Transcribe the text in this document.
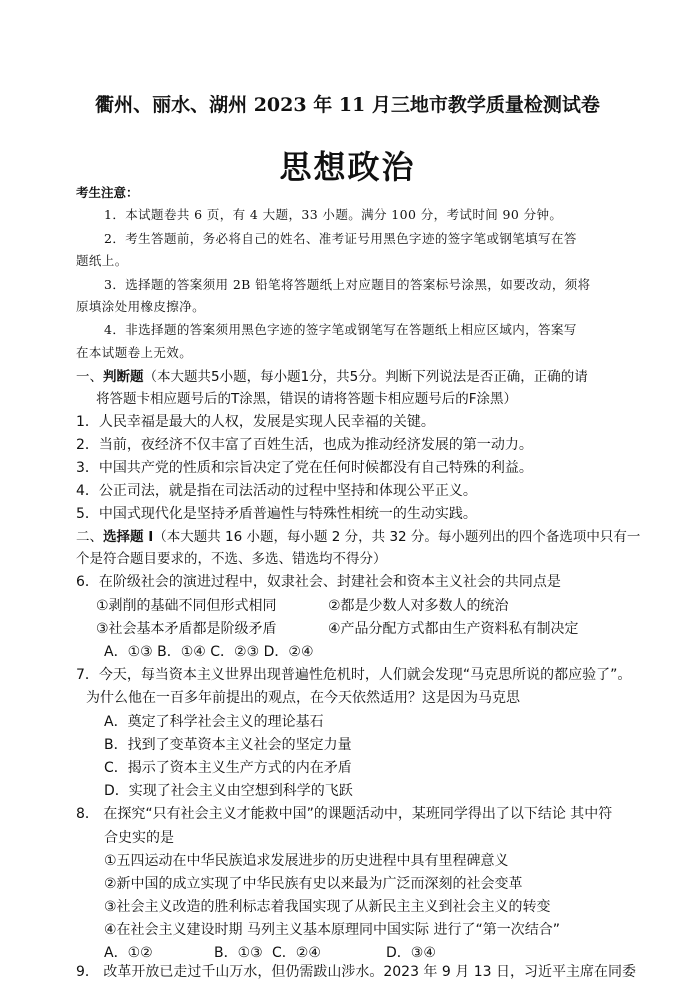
衢州、丽水、湖州 2023 年 11 月三地市教学质量检测试卷
思想政治
考生注意：
1．本试题卷共 6 页，有 4 大题，33 小题。满分 100 分，考试时间 90 分钟。
2．考生答题前，务必将自己的姓名、准考证号用黑色字迹的签字笔或钢笔填写在答
题纸上。
3．选择题的答案须用 2B 铅笔将答题纸上对应题目的答案标号涂黑，如要改动，须将
原填涂处用橡皮擦净。
4．非选择题的答案须用黑色字迹的签字笔或钢笔写在答题纸上相应区域内，答案写
在本试题卷上无效。
一、判断题（本大题共5小题，每小题1分，共5分。判断下列说法是否正确，正确的请
将答题卡相应题号后的T涂黑，错误的请将答题卡相应题号后的F涂黑）
1．人民幸福是最大的人权，发展是实现人民幸福的关键。
2．当前，夜经济不仅丰富了百姓生活，也成为推动经济发展的第一动力。
3．中国共产党的性质和宗旨决定了党在任何时候都没有自己特殊的利益。
4．公正司法，就是指在司法活动的过程中坚持和体现公平正义。
5．中国式现代化是坚持矛盾普遍性与特殊性相统一的生动实践。
二、选择题 I（本大题共 16 小题，每小题 2 分，共 32 分。每小题列出的四个备选项中只有一
个是符合题目要求的，不选、多选、错选均不得分）
6．在阶级社会的演进过程中，奴隶社会、封建社会和资本主义社会的共同点是
①剥削的基础不同但形式相同	②都是少数人对多数人的统治
③社会基本矛盾都是阶级矛盾	④产品分配方式都由生产资料私有制决定
A．①③ B．①④ C．②③ D．②④
7．今天，每当资本主义世界出现普遍性危机时，人们就会发现“马克思所说的都应验了”。
为什么他在一百多年前提出的观点，在今天依然适用？这是因为马克思
A．奠定了科学社会主义的理论基石
B．找到了变革资本主义社会的坚定力量
C．揭示了资本主义生产方式的内在矛盾
D．实现了社会主义由空想到科学的飞跃
8． 在探究“只有社会主义才能救中国”的课题活动中，某班同学得出了以下结论 其中符
合史实的是
①五四运动在中华民族追求发展进步的历史进程中具有里程碑意义
②新中国的成立实现了中华民族有史以来最为广泛而深刻的社会变革
③社会主义改造的胜利标志着我国实现了从新民主主义到社会主义的转变
④在社会主义建设时期 马列主义基本原理同中国实际 进行了“第一次结合”
A．①②	B．①③ C．②④	D．③④
9． 改革开放已走过千山万水，但仍需跋山涉水。2023 年 9 月 13 日，习近平主席在同委
